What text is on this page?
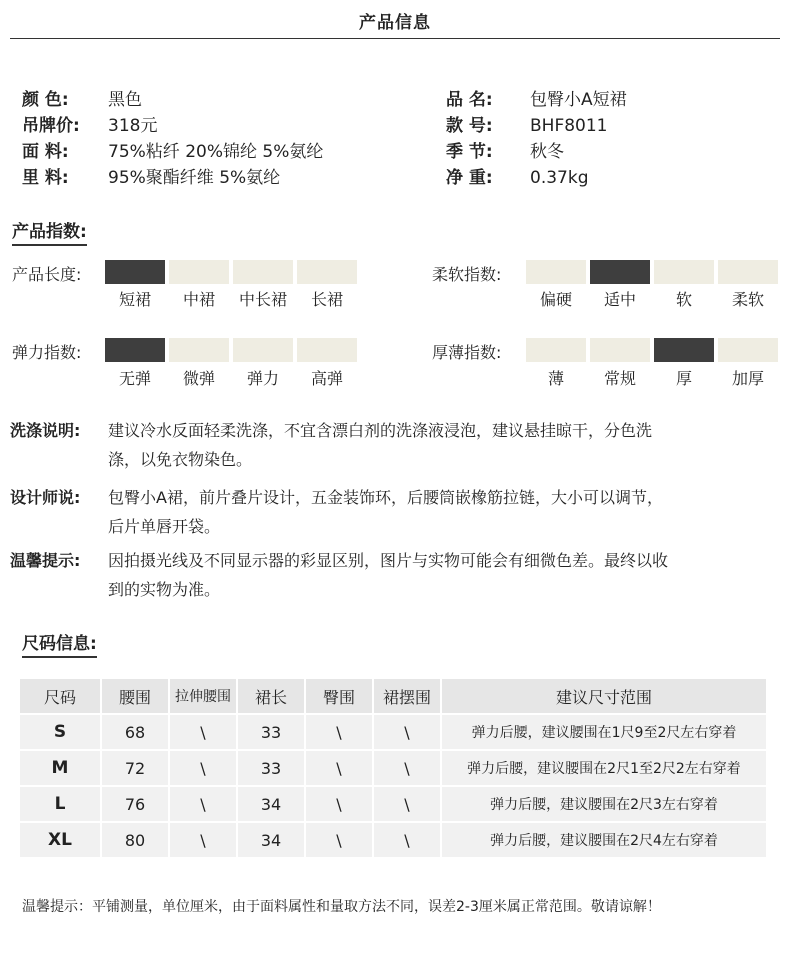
产品信息
颜 色: 黑色
吊牌价: 318元
面 料: 75%粘纤 20%锦纶 5%氨纶
里 料: 95%聚酯纤维 5%氨纶
品 名: 包臀小A短裙
款 号: BHF8011
季 节: 秋冬
净 重: 0.37kg
产品指数:
产品长度:
短裙	中裙	中长裙	长裙
柔软指数:
偏硬	适中	软	柔软
弹力指数:
无弹	微弹	弹力	高弹
厚薄指数:
薄	常规	厚	加厚
洗涤说明: 建议冷水反面轻柔洗涤，不宜含漂白剂的洗涤液浸泡，建议悬挂晾干，分色洗
涤，以免衣物染色。
设计师说: 包臀小A裙，前片叠片设计，五金装饰环，后腰筒嵌橡筋拉链，大小可以调节，
后片单唇开袋。
温馨提示: 因拍摄光线及不同显示器的彩显区别，图片与实物可能会有细微色差。最终以收
到的实物为准。
尺码信息:
尺码	腰围	拉伸腰围	裙长	臀围	裙摆围	建议尺寸范围
S	68	\	33	\	\	弹力后腰，建议腰围在1尺9至2尺左右穿着
M	72	\	33	\	\	弹力后腰，建议腰围在2尺1至2尺2左右穿着
L	76	\	34	\	\	弹力后腰，建议腰围在2尺3左右穿着
XL	80	\	34	\	\	弹力后腰，建议腰围在2尺4左右穿着
温馨提示：平铺测量，单位厘米，由于面料属性和量取方法不同，误差2-3厘米属正常范围。敬请谅解！
